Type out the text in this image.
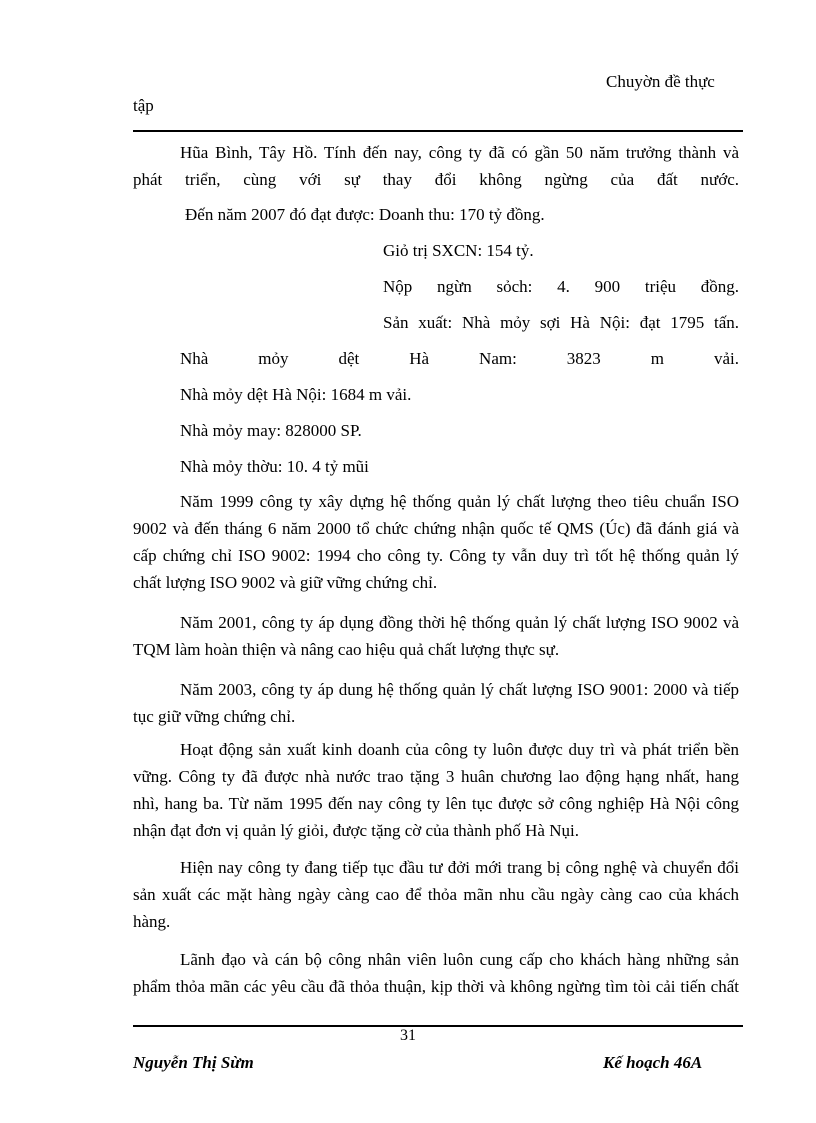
Chuyờn đề thực
tập
Hũa Bình, Tây Hồ. Tính đến nay, công ty đã có gần 50 năm trưởng thành và
phát triển, cùng với sự thay đổi không ngừng của đất nước.
Đến năm 2007 đó đạt được: Doanh thu: 170 tỷ đồng.
Giỏ trị SXCN: 154 tỷ.
Nộp ngừn sỏch: 4. 900 triệu đồng.
Sản xuất: Nhà mỏy sợi Hà Nội: đạt 1795 tấn.
Nhà mỏy dệt Hà Nam: 3823 m vải.
Nhà mỏy dệt Hà Nội: 1684 m vải.
Nhà mỏy may: 828000 SP.
Nhà mỏy thờu: 10. 4 tỷ mũi
Năm 1999 công ty xây dựng hệ thống quản lý chất lượng theo tiêu chuẩn ISO
9002 và đến tháng 6 năm 2000 tổ chức chứng nhận quốc tế QMS (Úc) đã đánh giá và
cấp chứng chỉ ISO 9002: 1994 cho công ty. Công ty vẫn duy trì tốt hệ thống quản lý
chất lượng ISO 9002 và giữ vững chứng chỉ.
Năm 2001, công ty áp dụng đồng thời hệ thống quản lý chất lượng ISO 9002 và
TQM làm hoàn thiện và nâng cao hiệu quả chất lượng thực sự.
Năm 2003, công ty áp dung hệ thống quản lý chất lượng ISO 9001: 2000 và tiếp
tục giữ vững chứng chỉ.
Hoạt động sản xuất kinh doanh của công ty luôn được duy trì và phát triển bền
vững. Công ty đã được nhà nước trao tặng 3 huân chương lao động hạng nhất, hang
nhì, hang ba. Từ năm 1995 đến nay công ty lên tục được sở công nghiệp Hà Nội công
nhận đạt đơn vị quản lý giỏi, được tặng cờ của thành phố Hà Nụi.
Hiện nay công ty đang tiếp tục đầu tư đởi mới trang bị công nghệ và chuyển đổi
sản xuất các mặt hàng ngày càng cao để thỏa mãn nhu cầu ngày càng cao của khách
hàng.
Lãnh đạo và cán bộ công nhân viên luôn cung cấp cho khách hàng những sản
phẩm thỏa mãn các yêu cầu đã thỏa thuận, kịp thời và không ngừng tìm tòi cải tiến chất
31
Nguyễn Thị Sừm	Kế hoạch 46A
